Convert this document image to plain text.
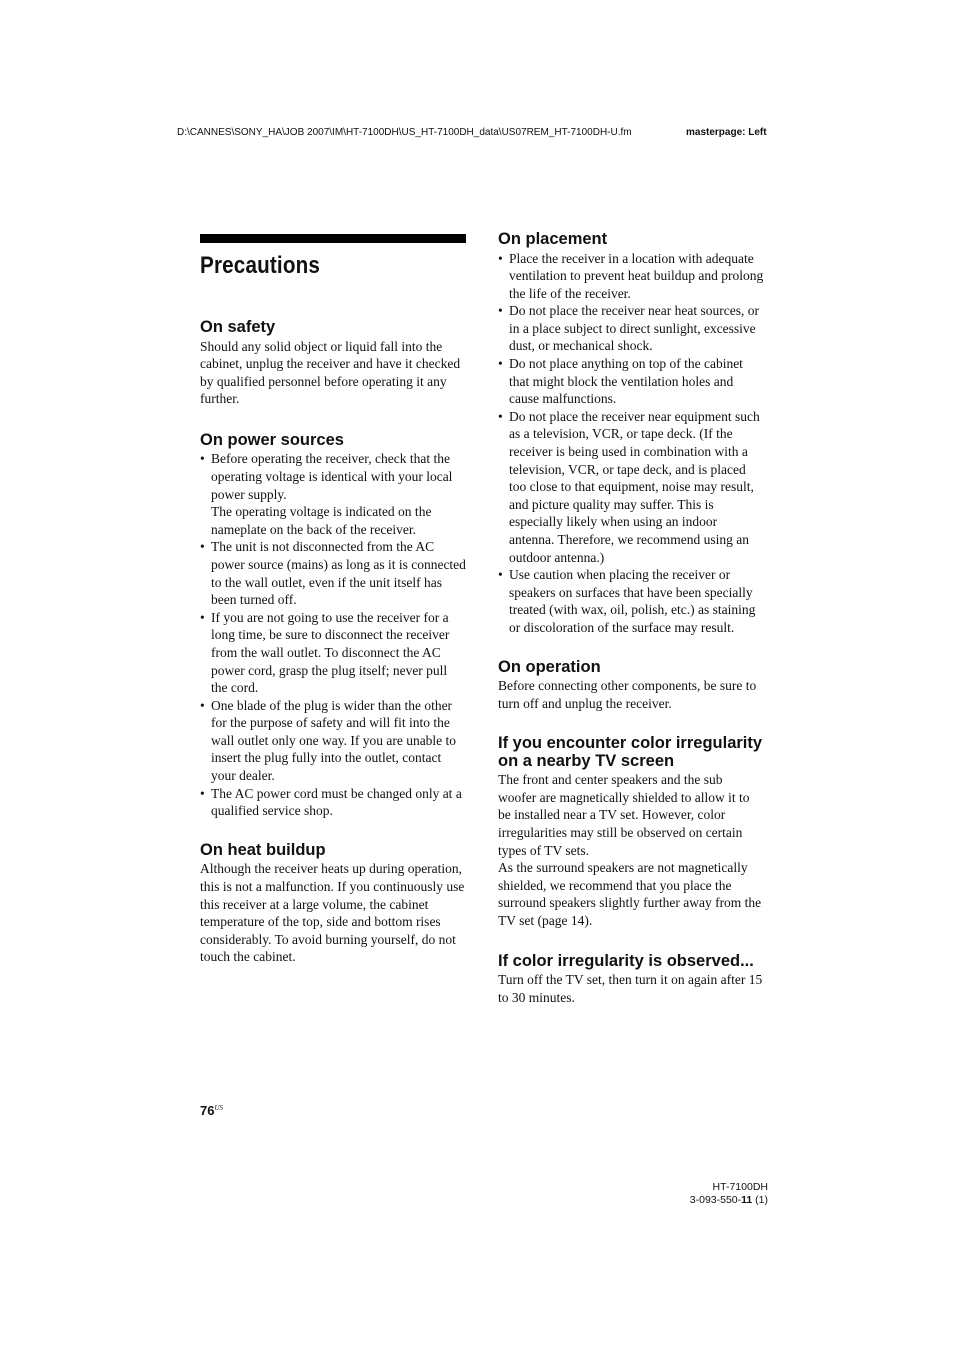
D:\CANNES\SONY_HA\JOB 2007\IM\HT-7100DH\US_HT-7100DH_data\US07REM_HT-7100DH-U.fm	masterpage: Left
Precautions
On safety

Should any solid object or liquid fall into the cabinet, unplug the receiver and have it checked by qualified personnel before operating it any further.

On power sources
• Before operating the receiver, check that the operating voltage is identical with your local power supply.
The operating voltage is indicated on the nameplate on the back of the receiver.
• The unit is not disconnected from the AC power source (mains) as long as it is connected to the wall outlet, even if the unit itself has been turned off.
• If you are not going to use the receiver for a long time, be sure to disconnect the receiver from the wall outlet. To disconnect the AC power cord, grasp the plug itself; never pull the cord.
• One blade of the plug is wider than the other for the purpose of safety and will fit into the wall outlet only one way. If you are unable to insert the plug fully into the outlet, contact your dealer.
• The AC power cord must be changed only at a qualified service shop.
On heat buildup

Although the receiver heats up during operation, this is not a malfunction. If you continuously use this receiver at a large volume, the cabinet temperature of the top, side and bottom rises considerably. To avoid burning yourself, do not touch the cabinet.

On placement
• Place the receiver in a location with adequate ventilation to prevent heat buildup and prolong the life of the receiver.
• Do not place the receiver near heat sources, or in a place subject to direct sunlight, excessive dust, or mechanical shock.
• Do not place anything on top of the cabinet that might block the ventilation holes and cause malfunctions.
• Do not place the receiver near equipment such as a television, VCR, or tape deck. (If the receiver is being used in combination with a television, VCR, or tape deck, and is placed too close to that equipment, noise may result, and picture quality may suffer. This is especially likely when using an indoor antenna. Therefore, we recommend using an outdoor antenna.)
• Use caution when placing the receiver or speakers on surfaces that have been specially treated (with wax, oil, polish, etc.) as staining or discoloration of the surface may result.
On operation

Before connecting other components, be sure to turn off and unplug the receiver.

If you encounter color irregularity on a nearby TV screen

The front and center speakers and the sub woofer are magnetically shielded to allow it to be installed near a TV set. However, color irregularities may still be observed on certain types of TV sets.

As the surround speakers are not magnetically shielded, we recommend that you place the surround speakers slightly further away from the TV set (page 14).

If color irregularity is observed...

Turn off the TV set, then turn it on again after 15 to 30 minutes.

$76^{US}$
HT-7100DH
3-093-550-11 (1)
